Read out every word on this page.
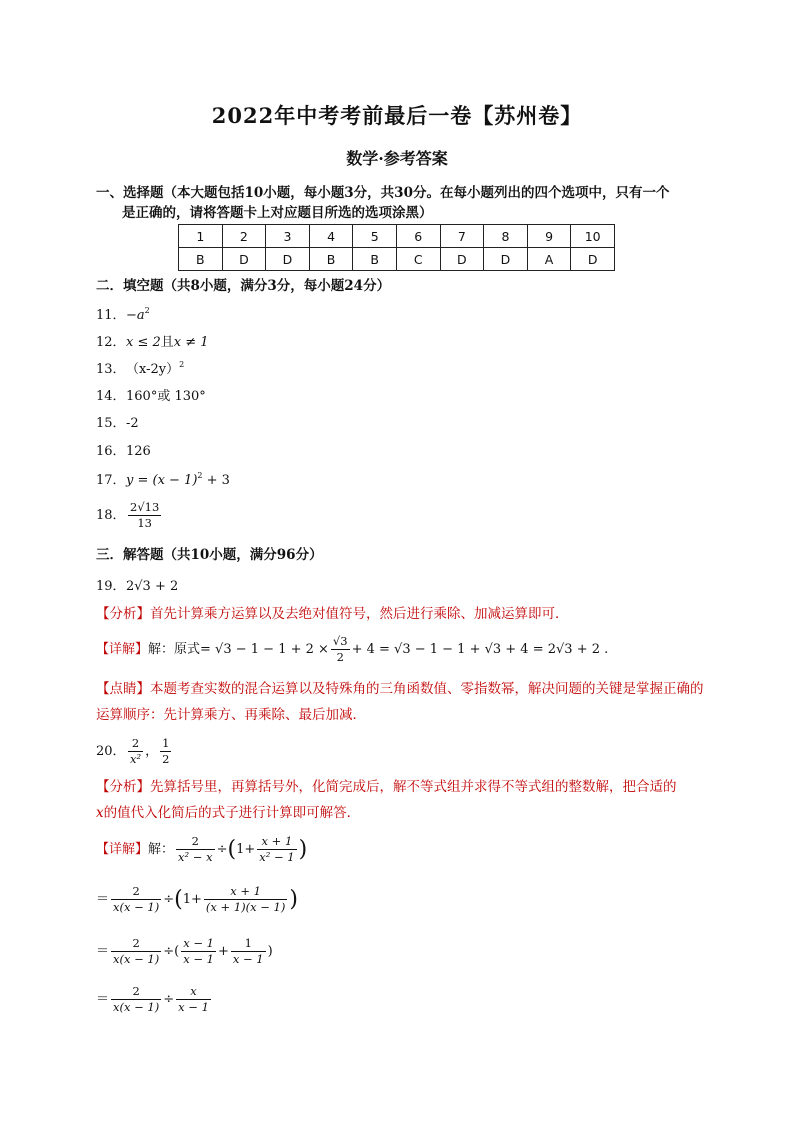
2022年中考考前最后一卷【苏州卷】
数学·参考答案
一、选择题（本大题包括10小题，每小题3分，共30分。在每小题列出的四个选项中，只有一个
是正确的，请将答题卡上对应题目所选的选项涂黑）
1	2	3	4	5	6	7	8	9	10
B	D	D	B	B	C	D	D	A	D
二．填空题（共8小题，满分3分，每小题24分）
11．$-a^2$
12．x ≤ 2且x ≠ 1
13．$(x-2y)^2$
14．160°或 130°
15．-2
16．126
17．$y = (x - 1)^2 + 3$
18． $\frac{2√13}{13}$
三．解答题（共10小题，满分96分）
19．2√3 + 2
【分析】首先计算乘方运算以及去绝对值符号，然后进行乘除、加减运算即可．
【详解】解：原式= $√3 - 1 - 1 + 2 \times \frac{√3}{2} + 4 = √3 - 1 - 1 + √3 + 4 = 2√3 + 2$ .
【点睛】本题考查实数的混合运算以及特殊角的三角函数值、零指数幂，解决问题的关键是掌握正确的运算顺序：先计算乘方、再乘除、最后加减．
20． $\frac{2}{\text{x²}}$ ， $\frac{1}{2}$
【分析】先算括号里，再算括号外，化简完成后，解不等式组并求得不等式组的整数解，把合适的
x的值代入化简后的式子进行计算即可解答．
【详解】解： $\frac{2}{\text{x² − x}} \div(1+ \frac{x + 1}{\text{x² − 1}}$ )
＝ $\frac{2}{x(x - 1)} \div(1+ \frac{x + 1}{(x + 1)(x - 1)}$ )
＝ $\frac{2}{x(x - 1)}$ ÷( $\frac{x - 1}{x - 1} + \frac{1}{x - 1}$ )
＝ $\frac{2}{x(x - 1)} \div \frac{x}{x - 1}$
